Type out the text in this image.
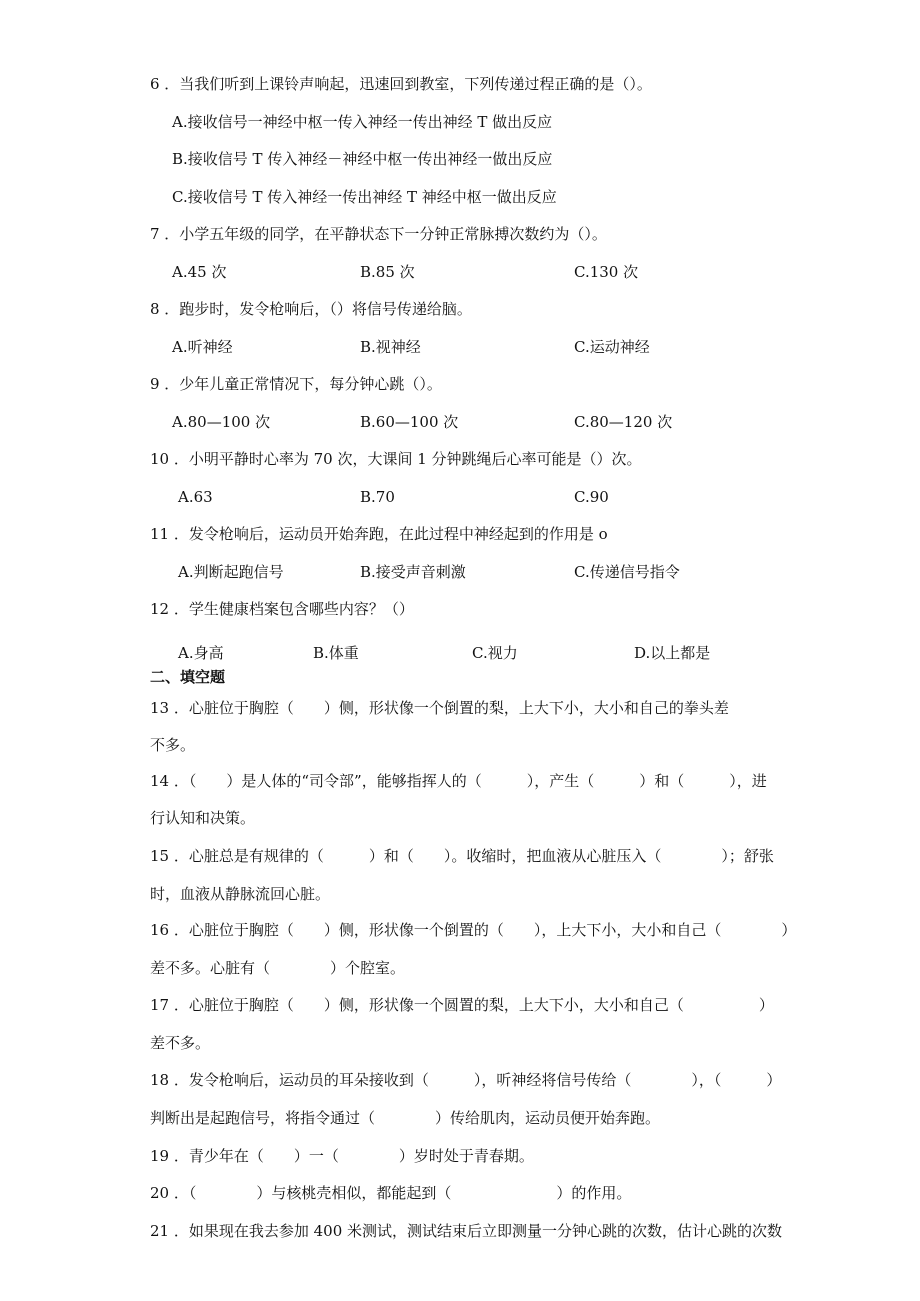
6 ．当我们听到上课铃声响起，迅速回到教室，下列传递过程正确的是（）。
A.接收信号一神经中枢一传入神经一传出神经 T 做出反应
B.接收信号 T 传入神经－神经中枢一传出神经一做出反应
C.接收信号 T 传入神经一传出神经 T 神经中枢一做出反应
7 ．小学五年级的同学，在平静状态下一分钟正常脉搏次数约为（）。
A.45 次	B.85 次	C.130 次
8 ．跑步时，发令枪响后，（）将信号传递给脑。
A.听神经	B.视神经	C.运动神经
9 ．少年儿童正常情况下，每分钟心跳（）。
A.80—100 次	B.60—100 次	C.80—120 次
10 ．小明平静时心率为 70 次，大课间 1 分钟跳绳后心率可能是（）次。
A.63	B.70	C.90
11 ．发令枪响后，运动员开始奔跑，在此过程中神经起到的作用是 o
A.判断起跑信号	B.接受声音刺激	C.传递信号指令
12 ．学生健康档案包含哪些内容？（）
A.身高	B.体重	C.视力	D.以上都是
二、填空题
13 ．心脏位于胸腔（　　）侧，形状像一个倒置的梨，上大下小，大小和自己的拳头差
不多。
14 ．（　　）是人体的“司令部”，能够指挥人的（　　　），产生（　　　）和（　　　），进
行认知和决策。
15 ．心脏总是有规律的（　　　）和（　　）。收缩时，把血液从心脏压入（　　　　）；舒张
时，血液从静脉流回心脏。
16 ．心脏位于胸腔（　　）侧，形状像一个倒置的（　　），上大下小，大小和自己（　　　　）
差不多。心脏有（　　　　）个腔室。
17 ．心脏位于胸腔（　　）侧，形状像一个圆置的梨，上大下小，大小和自己（　　　　　）
差不多。
18 ．发令枪响后，运动员的耳朵接收到（　　　），听神经将信号传给（　　　　），（　　　）
判断出是起跑信号，将指令通过（　　　　）传给肌肉，运动员便开始奔跑。
19 ．青少年在（　　）一（　　　　）岁时处于青春期。
20 ．（　　　　）与核桃壳相似，都能起到（　　　　　　　）的作用。
21 ．如果现在我去参加 400 米测试，测试结束后立即测量一分钟心跳的次数，估计心跳的次数
